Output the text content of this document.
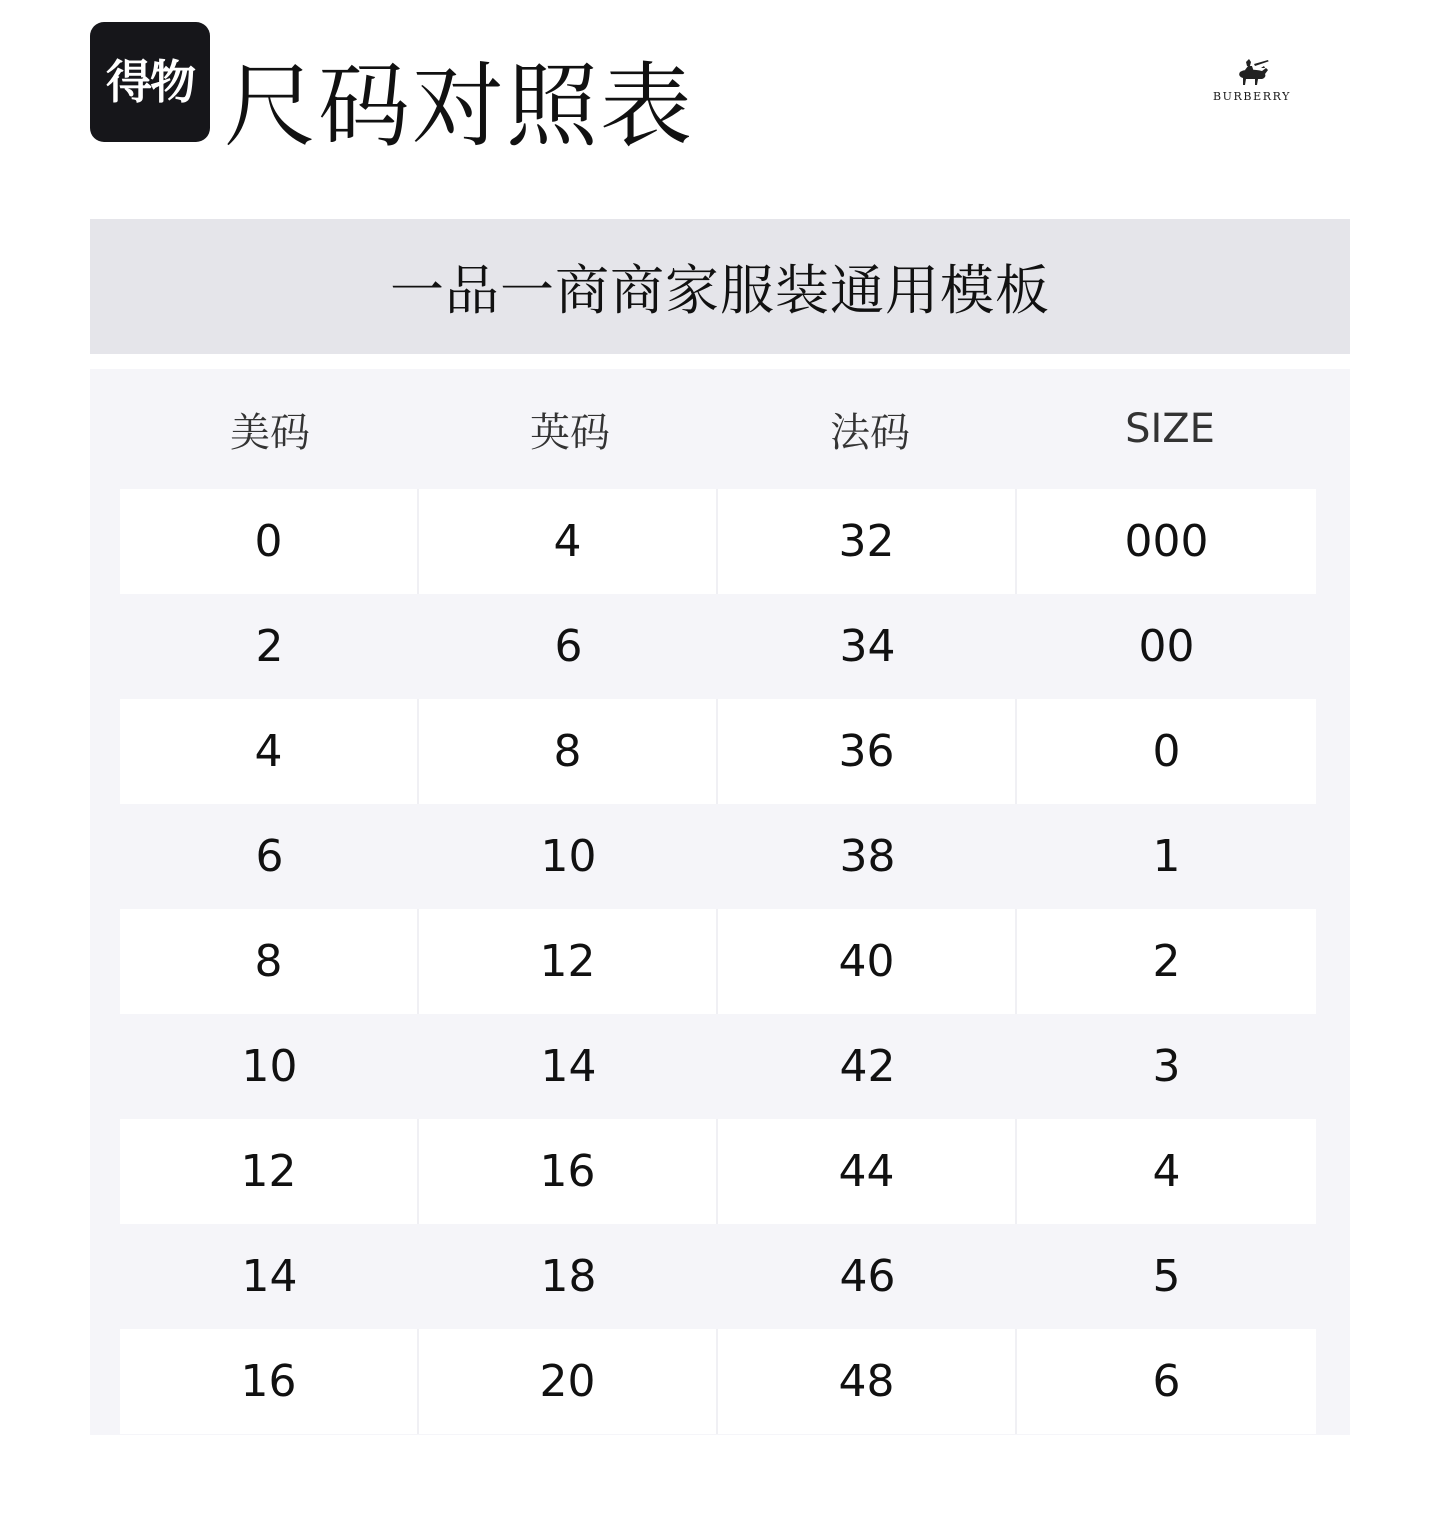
得物 尺码对照表	BURBERRY
一品一商商家服装通用模板
美码	英码	法码	SIZE
0	4	32	000
2	6	34	00
4	8	36	0
6	10	38	1
8	12	40	2
10	14	42	3
12	16	44	4
14	18	46	5
16	20	48	6
